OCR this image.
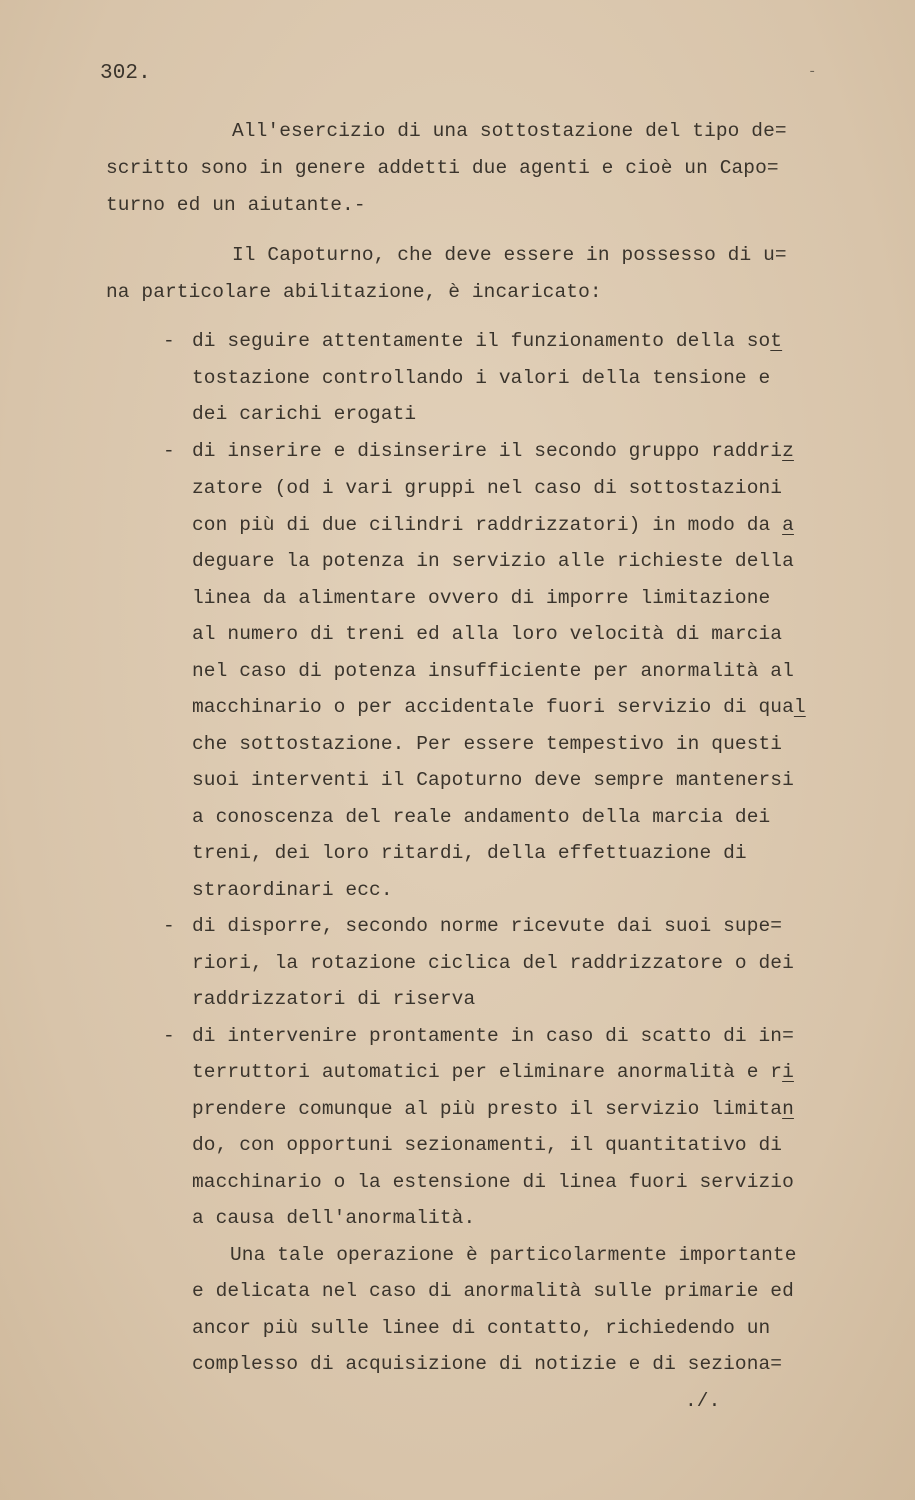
302.	-
All'esercizio di una sottostazione del tipo de=
scritto sono in genere addetti due agenti e cioè un Capo=
turno ed un aiutante.-
Il Capoturno, che deve essere in possesso di u=
na particolare abilitazione, è incaricato:
- di seguire attentamente il funzionamento della sot
tostazione controllando i valori della tensione e
dei carichi erogati
- di inserire e disinserire il secondo gruppo raddriz
zatore (od i vari gruppi nel caso di sottostazioni
con più di due cilindri raddrizzatori) in modo da a
deguare la potenza in servizio alle richieste della
linea da alimentare ovvero di imporre limitazione
al numero di treni ed alla loro velocità di marcia
nel caso di potenza insufficiente per anormalità al
macchinario o per accidentale fuori servizio di qual
che sottostazione. Per essere tempestivo in questi
suoi interventi il Capoturno deve sempre mantenersi
a conoscenza del reale andamento della marcia dei
treni, dei loro ritardi, della effettuazione di
straordinari ecc.
- di disporre, secondo norme ricevute dai suoi supe=
riori, la rotazione ciclica del raddrizzatore o dei
raddrizzatori di riserva
- di intervenire prontamente in caso di scatto di in=
terruttori automatici per eliminare anormalità e ri
prendere comunque al più presto il servizio limitan
do, con opportuni sezionamenti, il quantitativo di
macchinario o la estensione di linea fuori servizio
a causa dell'anormalità.
Una tale operazione è particolarmente importante
e delicata nel caso di anormalità sulle primarie ed
ancor più sulle linee di contatto, richiedendo un
complesso di acquisizione di notizie e di seziona=
./.
